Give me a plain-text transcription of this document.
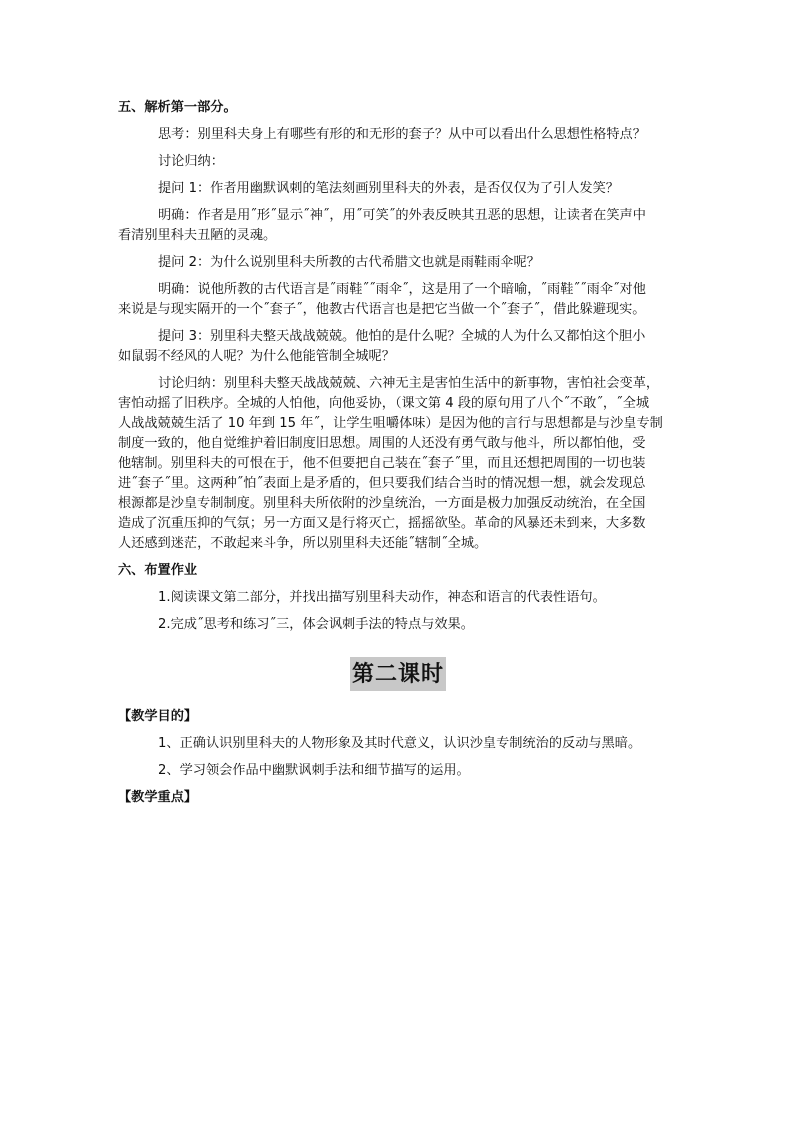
五、解析第一部分。

思考：别里科夫身上有哪些有形的和无形的套子？从中可以看出什么思想性格特点？

讨论归纳：

提问 1：作者用幽默讽刺的笔法刻画别里科夫的外表，是否仅仅为了引人发笑？

明确：作者是用˝形˝显示˝神˝，用˝可笑˝的外表反映其丑恶的思想，让读者在笑声中

看清别里科夫丑陋的灵魂。

提问 2：为什么说别里科夫所教的古代希腊文也就是雨鞋雨伞呢？

明确：说他所教的古代语言是˝雨鞋˝˝雨伞˝，这是用了一个暗喻，˝雨鞋˝˝雨伞˝对他

来说是与现实隔开的一个˝套子˝，他教古代语言也是把它当做一个˝套子˝，借此躲避现实。

提问 3：别里科夫整天战战兢兢。他怕的是什么呢？全城的人为什么又都怕这个胆小

如鼠弱不经风的人呢？为什么他能管制全城呢？

讨论归纳：别里科夫整天战战兢兢、六神无主是害怕生活中的新事物，害怕社会变革，

害怕动摇了旧秩序。全城的人怕他，向他妥协，（课文第 4 段的原句用了八个˝不敢˝，˝全城

人战战兢兢生活了 10 年到 15 年˝，让学生咀嚼体味）是因为他的言行与思想都是与沙皇专制

制度一致的，他自觉维护着旧制度旧思想。周围的人还没有勇气敢与他斗，所以都怕他，受

他辖制。别里科夫的可恨在于，他不但要把自己装在˝套子˝里，而且还想把周围的一切也装

进˝套子˝里。这两种˝怕˝表面上是矛盾的，但只要我们结合当时的情况想一想，就会发现总

根源都是沙皇专制制度。别里科夫所依附的沙皇统治，一方面是极力加强反动统治，在全国

造成了沉重压抑的气氛；另一方面又是行将灭亡，摇摇欲坠。革命的风暴还未到来，大多数

人还感到迷茫，不敢起来斗争，所以别里科夫还能˝辖制˝全城。

六、布置作业

1.阅读课文第二部分，并找出描写别里科夫动作，神态和语言的代表性语句。

2.完成˝思考和练习˝三，体会讽刺手法的特点与效果。

第二课时

【教学目的】

1、正确认识别里科夫的人物形象及其时代意义，认识沙皇专制统治的反动与黑暗。

2、学习领会作品中幽默讽刺手法和细节描写的运用。

【教学重点】
